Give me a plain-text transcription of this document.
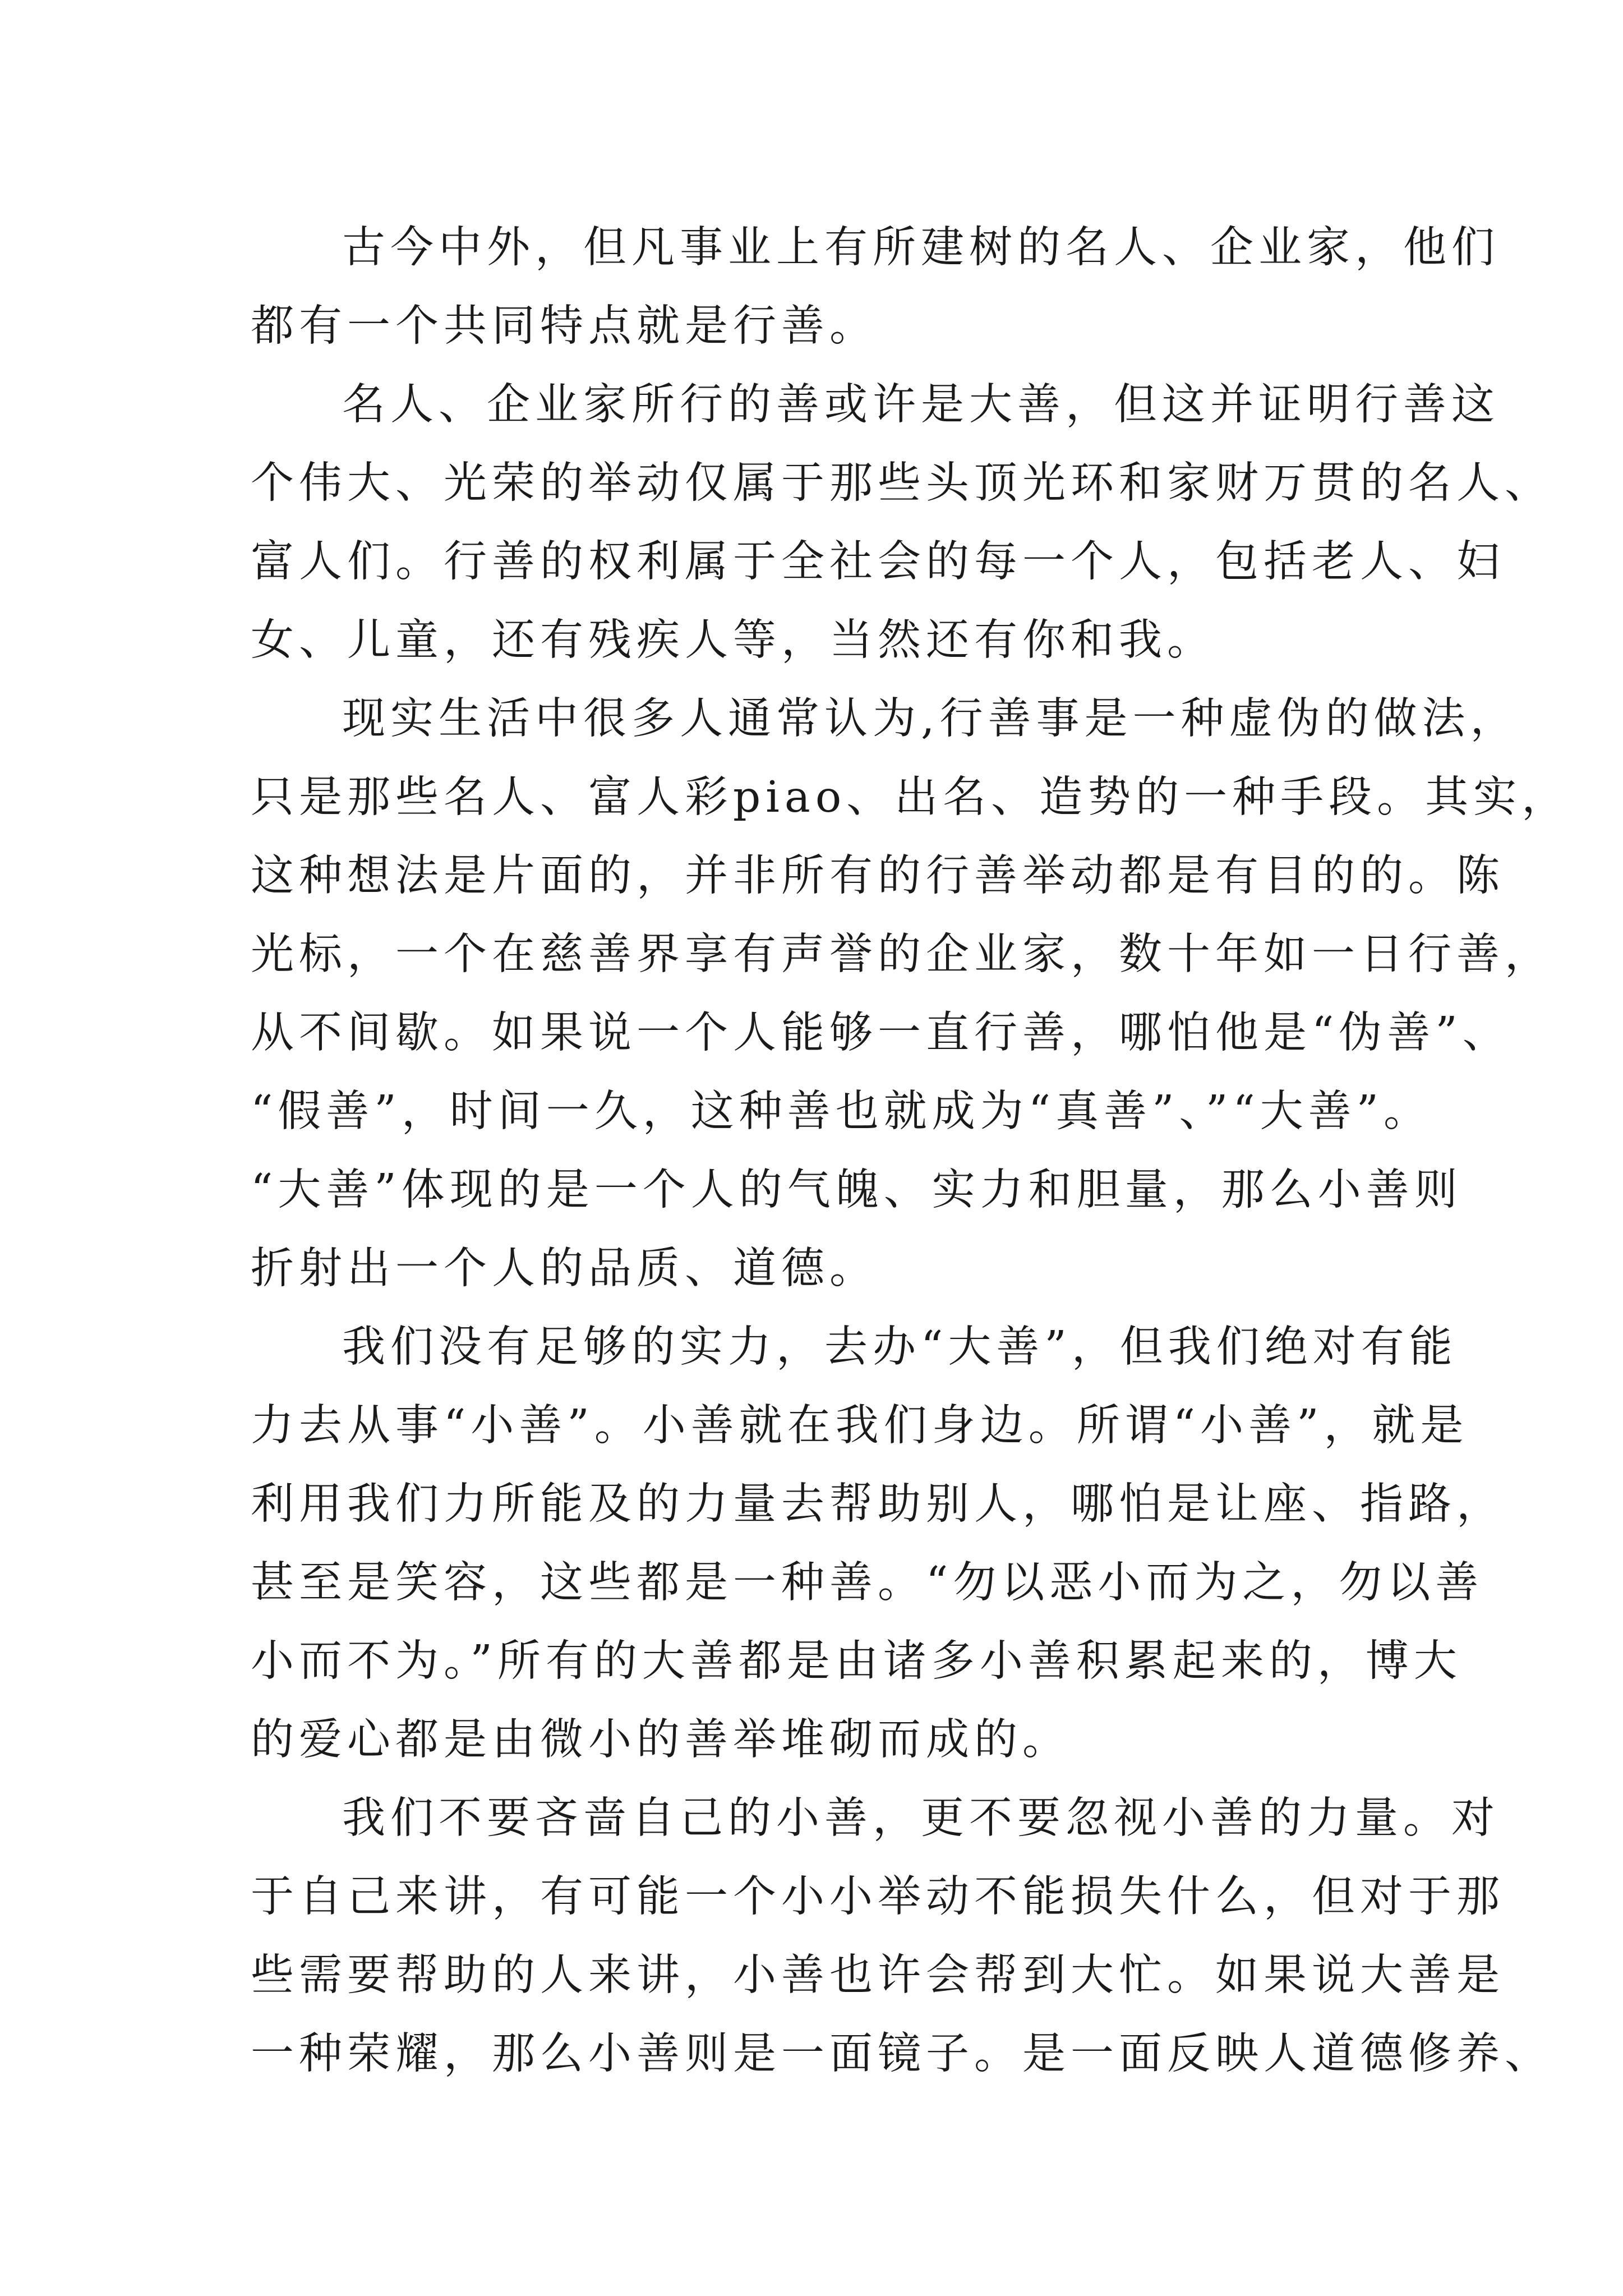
古今中外，但凡事业上有所建树的名人、企业家，他们
都有一个共同特点就是行善。

名人、企业家所行的善或许是大善，但这并证明行善这
个伟大、光荣的举动仅属于那些头顶光环和家财万贯的名人、
富人们。行善的权利属于全社会的每一个人，包括老人、妇
女、儿童，还有残疾人等，当然还有你和我。

现实生活中很多人通常认为,行善事是一种虚伪的做法，
只是那些名人、富人彩piao、出名、造势的一种手段。其实，
这种想法是片面的，并非所有的行善举动都是有目的的。陈
光标，一个在慈善界享有声誉的企业家，数十年如一日行善，
从不间歇。如果说一个人能够一直行善，哪怕他是“伪善”、
“假善”，时间一久，这种善也就成为“真善”、”“大善”。
“大善”体现的是一个人的气魄、实力和胆量，那么小善则
折射出一个人的品质、道德。

我们没有足够的实力，去办“大善”，但我们绝对有能
力去从事“小善”。小善就在我们身边。所谓“小善”，就是
利用我们力所能及的力量去帮助别人，哪怕是让座、指路，
甚至是笑容，这些都是一种善。“勿以恶小而为之，勿以善
小而不为。”所有的大善都是由诸多小善积累起来的，博大
的爱心都是由微小的善举堆砌而成的。

我们不要吝啬自己的小善，更不要忽视小善的力量。对
于自己来讲，有可能一个小小举动不能损失什么，但对于那
些需要帮助的人来讲，小善也许会帮到大忙。如果说大善是
一种荣耀，那么小善则是一面镜子。是一面反映人道德修养、
